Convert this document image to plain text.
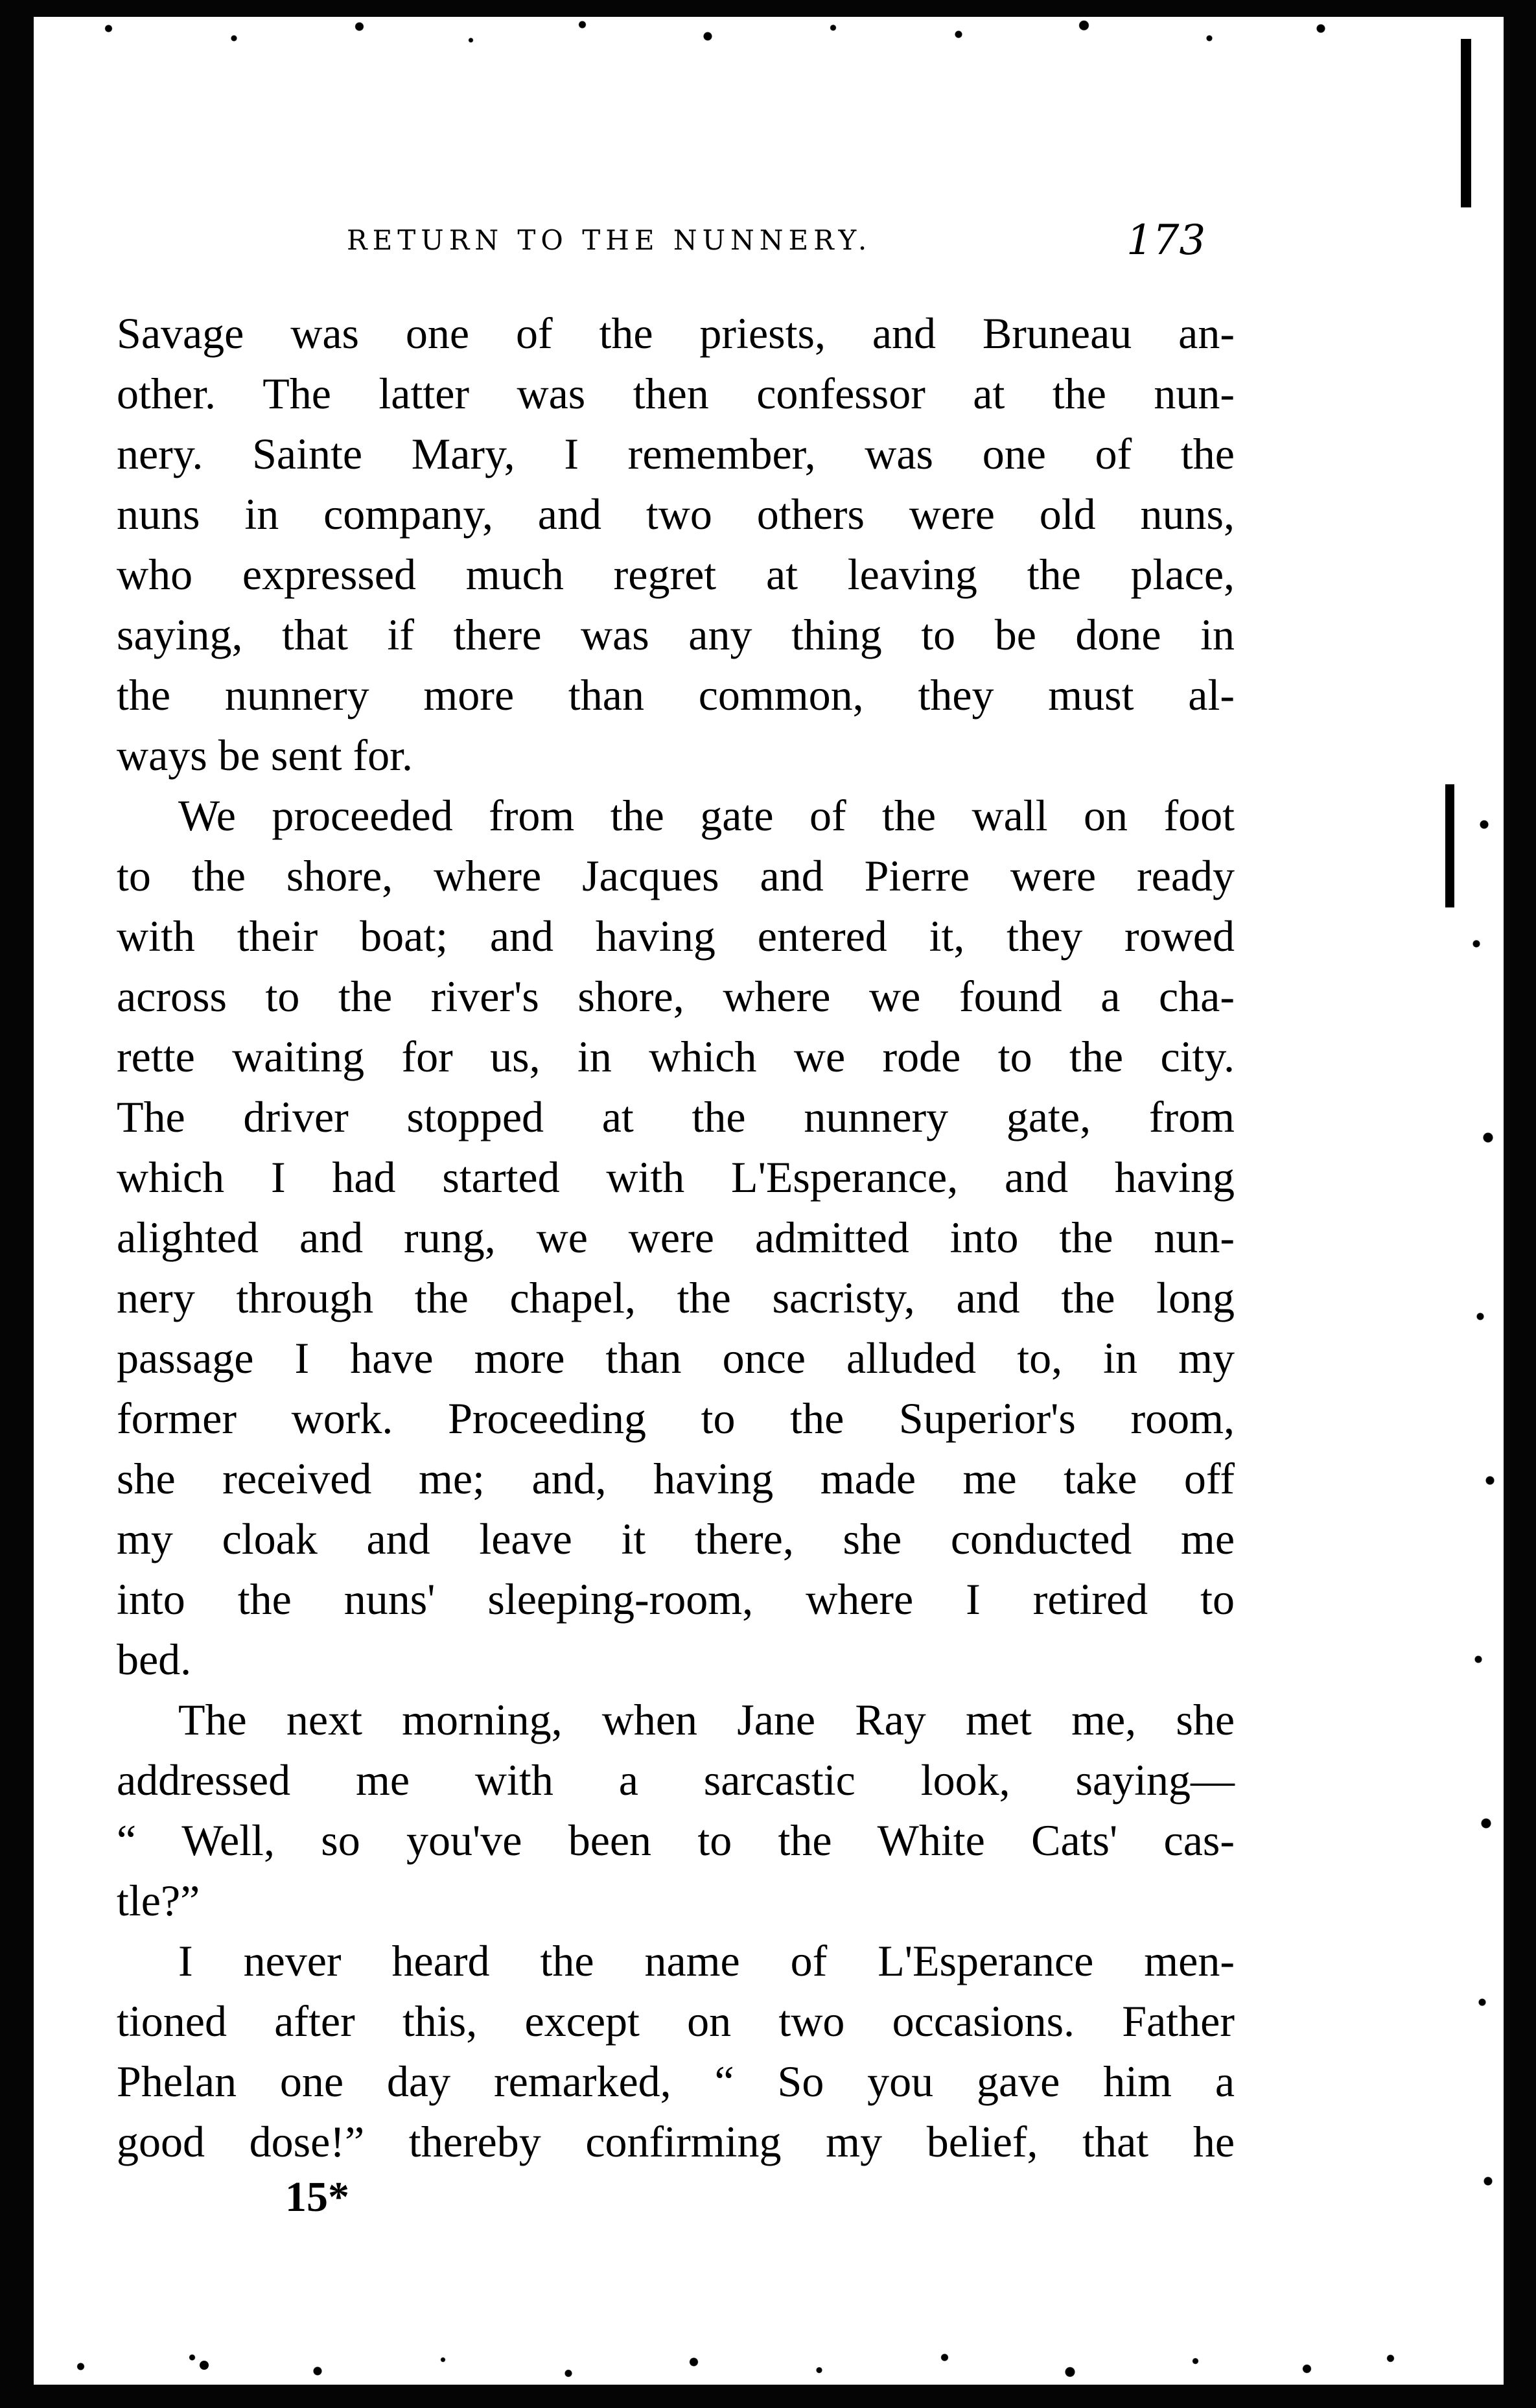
RETURN TO THE NUNNERY.	173
Savage was one of the priests, and Bruneau an-
other. The latter was then confessor at the nun-
nery. Sainte Mary, I remember, was one of the
nuns in company, and two others were old nuns,
who expressed much regret at leaving the place,
saying, that if there was any thing to be done in
the nunnery more than common, they must al-
ways be sent for.
We proceeded from the gate of the wall on foot
to the shore, where Jacques and Pierre were ready
with their boat; and having entered it, they rowed
across to the river's shore, where we found a cha-
rette waiting for us, in which we rode to the city.
The driver stopped at the nunnery gate, from
which I had started with L'Esperance, and having
alighted and rung, we were admitted into the nun-
nery through the chapel, the sacristy, and the long
passage I have more than once alluded to, in my
former work. Proceeding to the Superior's room,
she received me; and, having made me take off
my cloak and leave it there, she conducted me
into the nuns' sleeping-room, where I retired to
bed.
The next morning, when Jane Ray met me, she
addressed me with a sarcastic look, saying—
“ Well, so you've been to the White Cats' cas-
tle?”
I never heard the name of L'Esperance men-
tioned after this, except on two occasions. Father
Phelan one day remarked, “ So you gave him a
good dose!” thereby confirming my belief, that he
15*
